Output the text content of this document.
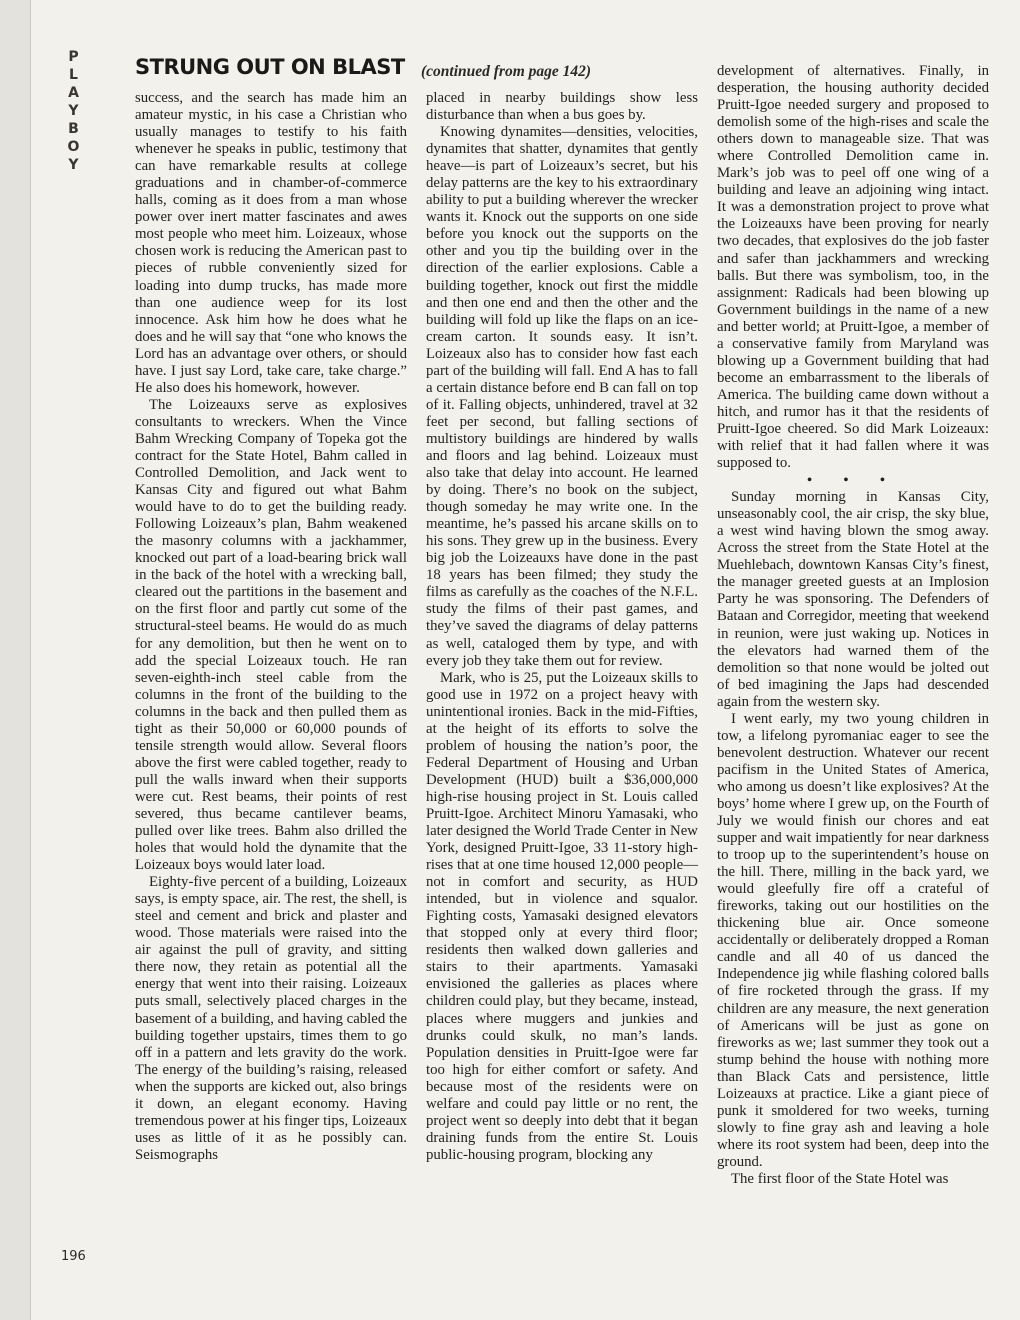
P
L
A
Y
B
O
Y
STRUNG OUT ON BLAST (continued from page 142)

success, and the search has made him an amateur mystic, in his case a Christian who usually manages to testify to his faith whenever he speaks in public, testimony that can have remarkable results at college graduations and in chamber-of-commerce halls, coming as it does from a man whose power over inert matter fascinates and awes most people who meet him. Loizeaux, whose chosen work is reducing the American past to pieces of rubble conveniently sized for loading into dump trucks, has made more than one audience weep for its lost innocence. Ask him how he does what he does and he will say that “one who knows the Lord has an advantage over others, or should have. I just say Lord, take care, take charge.” He also does his homework, however.

The Loizeauxs serve as explosives consultants to wreckers. When the Vince Bahm Wrecking Company of Topeka got the contract for the State Hotel, Bahm called in Controlled Demolition, and Jack went to Kansas City and figured out what Bahm would have to do to get the building ready. Following Loizeaux’s plan, Bahm weakened the masonry columns with a jackhammer, knocked out part of a load-bearing brick wall in the back of the hotel with a wrecking ball, cleared out the partitions in the basement and on the first floor and partly cut some of the structural-steel beams. He would do as much for any demolition, but then he went on to add the special Loizeaux touch. He ran seven-eighth-inch steel cable from the columns in the front of the building to the columns in the back and then pulled them as tight as their 50,000 or 60,000 pounds of tensile strength would allow. Several floors above the first were cabled together, ready to pull the walls inward when their supports were cut. Rest beams, their points of rest severed, thus became cantilever beams, pulled over like trees. Bahm also drilled the holes that would hold the dynamite that the Loizeaux boys would later load.

Eighty-five percent of a building, Loizeaux says, is empty space, air. The rest, the shell, is steel and cement and brick and plaster and wood. Those materials were raised into the air against the pull of gravity, and sitting there now, they retain as potential all the energy that went into their raising. Loizeaux puts small, selectively placed charges in the basement of a building, and having cabled the building together upstairs, times them to go off in a pattern and lets gravity do the work. The energy of the building’s raising, released when the supports are kicked out, also brings it down, an elegant economy. Having tremendous power at his finger tips, Loizeaux uses as little of it as he possibly can. Seismographs

placed in nearby buildings show less disturbance than when a bus goes by.

Knowing dynamites—densities, velocities, dynamites that shatter, dynamites that gently heave—is part of Loizeaux’s secret, but his delay patterns are the key to his extraordinary ability to put a building wherever the wrecker wants it. Knock out the supports on one side before you knock out the supports on the other and you tip the building over in the direction of the earlier explosions. Cable a building together, knock out first the middle and then one end and then the other and the building will fold up like the flaps on an ice-cream carton. It sounds easy. It isn’t. Loizeaux also has to consider how fast each part of the building will fall. End A has to fall a certain distance before end B can fall on top of it. Falling objects, unhindered, travel at 32 feet per second, but falling sections of multistory buildings are hindered by walls and floors and lag behind. Loizeaux must also take that delay into account. He learned by doing. There’s no book on the subject, though someday he may write one. In the meantime, he’s passed his arcane skills on to his sons. They grew up in the business. Every big job the Loizeauxs have done in the past 18 years has been filmed; they study the films as carefully as the coaches of the N.F.L. study the films of their past games, and they’ve saved the diagrams of delay patterns as well, cataloged them by type, and with every job they take them out for review.

Mark, who is 25, put the Loizeaux skills to good use in 1972 on a project heavy with unintentional ironies. Back in the mid-Fifties, at the height of its efforts to solve the problem of housing the nation’s poor, the Federal Department of Housing and Urban Development (HUD) built a $36,000,000 high-rise housing project in St. Louis called Pruitt-Igoe. Architect Minoru Yamasaki, who later designed the World Trade Center in New York, designed Pruitt-Igoe, 33 11-story high-rises that at one time housed 12,000 people—not in comfort and security, as HUD intended, but in violence and squalor. Fighting costs, Yamasaki designed elevators that stopped only at every third floor; residents then walked down galleries and stairs to their apartments. Yamasaki envisioned the galleries as places where children could play, but they became, instead, places where muggers and junkies and drunks could skulk, no man’s lands. Population densities in Pruitt-Igoe were far too high for either comfort or safety. And because most of the residents were on welfare and could pay little or no rent, the project went so deeply into debt that it began draining funds from the entire St. Louis public-housing program, blocking any

development of alternatives. Finally, in desperation, the housing authority decided Pruitt-Igoe needed surgery and proposed to demolish some of the high-rises and scale the others down to manageable size. That was where Controlled Demolition came in. Mark’s job was to peel off one wing of a building and leave an adjoining wing intact. It was a demonstration project to prove what the Loizeauxs have been proving for nearly two decades, that explosives do the job faster and safer than jackhammers and wrecking balls. But there was symbolism, too, in the assignment: Radicals had been blowing up Government buildings in the name of a new and better world; at Pruitt-Igoe, a member of a conservative family from Maryland was blowing up a Government building that had become an embarrassment to the liberals of America. The building came down without a hitch, and rumor has it that the residents of Pruitt-Igoe cheered. So did Mark Loizeaux: with relief that it had fallen where it was supposed to.

• • •

Sunday morning in Kansas City, unseasonably cool, the air crisp, the sky blue, a west wind having blown the smog away. Across the street from the State Hotel at the Muehlebach, downtown Kansas City’s finest, the manager greeted guests at an Implosion Party he was sponsoring. The Defenders of Bataan and Corregidor, meeting that weekend in reunion, were just waking up. Notices in the elevators had warned them of the demolition so that none would be jolted out of bed imagining the Japs had descended again from the western sky.

I went early, my two young children in tow, a lifelong pyromaniac eager to see the benevolent destruction. Whatever our recent pacifism in the United States of America, who among us doesn’t like explosives? At the boys’ home where I grew up, on the Fourth of July we would finish our chores and eat supper and wait impatiently for near darkness to troop up to the superintendent’s house on the hill. There, milling in the back yard, we would gleefully fire off a crateful of fireworks, taking out our hostilities on the thickening blue air. Once someone accidentally or deliberately dropped a Roman candle and all 40 of us danced the Independence jig while flashing colored balls of fire rocketed through the grass. If my children are any measure, the next generation of Americans will be just as gone on fireworks as we; last summer they took out a stump behind the house with nothing more than Black Cats and persistence, little Loizeauxs at practice. Like a giant piece of punk it smoldered for two weeks, turning slowly to fine gray ash and leaving a hole where its root system had been, deep into the ground.

The first floor of the State Hotel was

196
